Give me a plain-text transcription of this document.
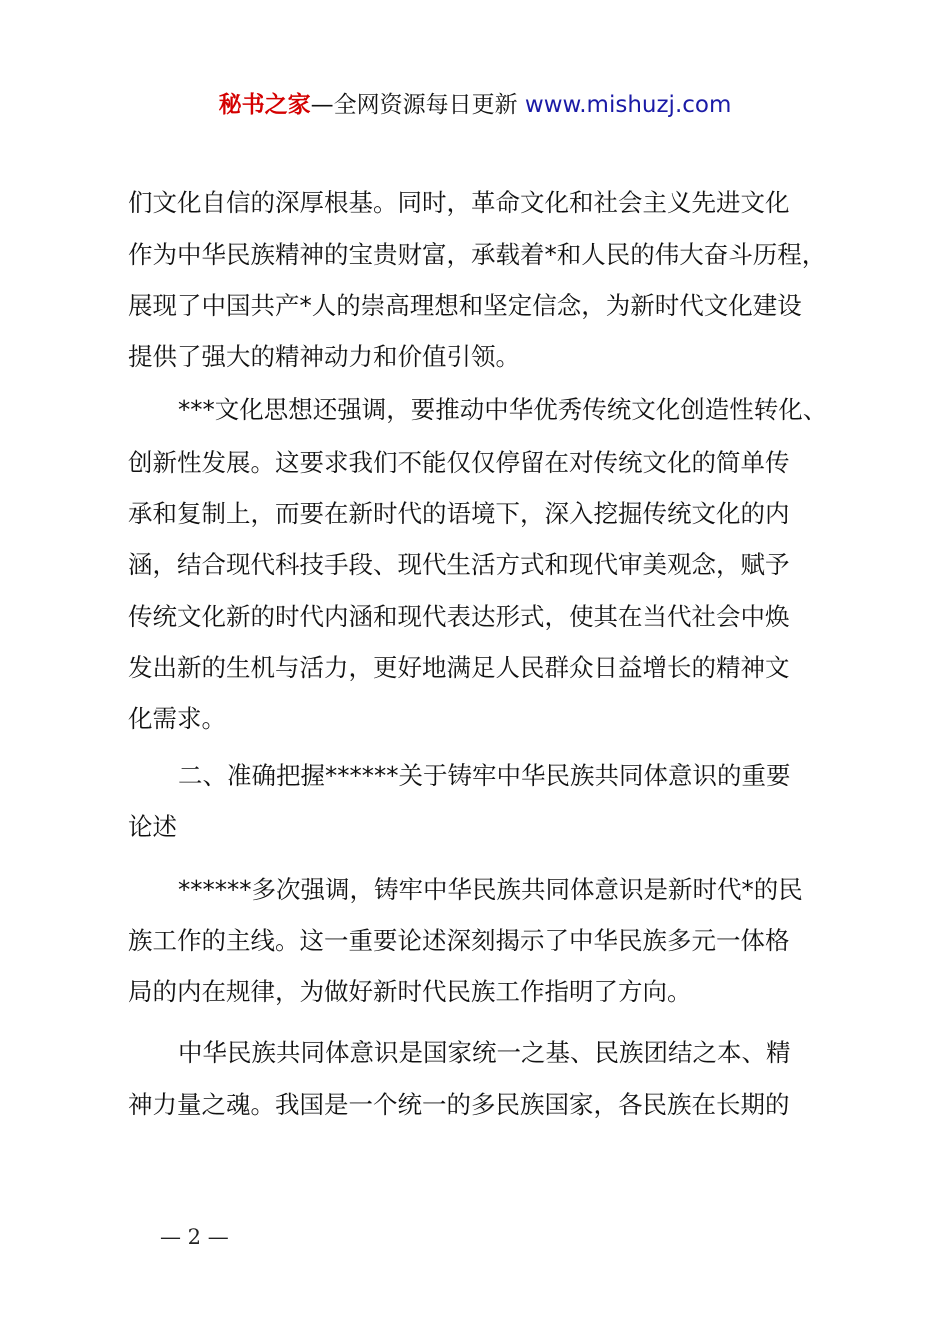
秘书之家—全网资源每日更新 www.mishuzj.com
们文化自信的深厚根基。同时，革命文化和社会主义先进文化
作为中华民族精神的宝贵财富，承载着*和人民的伟大奋斗历程，
展现了中国共产*人的崇高理想和坚定信念，为新时代文化建设
提供了强大的精神动力和价值引领。
***文化思想还强调，要推动中华优秀传统文化创造性转化、
创新性发展。这要求我们不能仅仅停留在对传统文化的简单传
承和复制上，而要在新时代的语境下，深入挖掘传统文化的内
涵，结合现代科技手段、现代生活方式和现代审美观念，赋予
传统文化新的时代内涵和现代表达形式，使其在当代社会中焕
发出新的生机与活力，更好地满足人民群众日益增长的精神文
化需求。
二、准确把握******关于铸牢中华民族共同体意识的重要
论述
******多次强调，铸牢中华民族共同体意识是新时代*的民
族工作的主线。这一重要论述深刻揭示了中华民族多元一体格
局的内在规律，为做好新时代民族工作指明了方向。
中华民族共同体意识是国家统一之基、民族团结之本、精
神力量之魂。我国是一个统一的多民族国家，各民族在长期的
— 2 —
